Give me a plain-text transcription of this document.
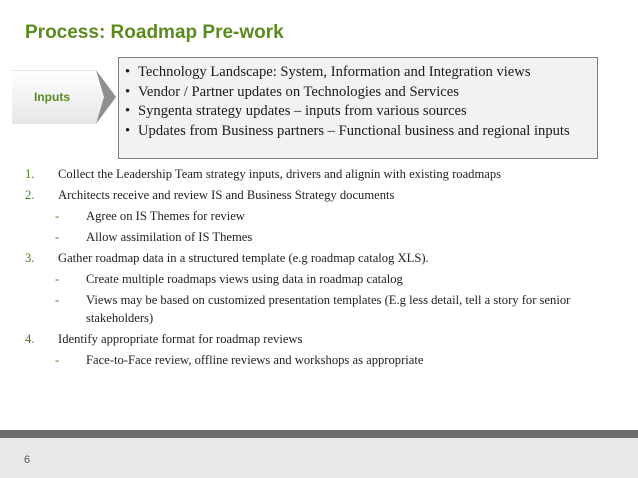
Process: Roadmap Pre-work
Inputs
• Technology Landscape: System, Information and Integration views
• Vendor / Partner updates on Technologies and Services
• Syngenta strategy updates – inputs from various sources
• Updates from Business partners – Functional business and regional inputs
1. Collect the Leadership Team strategy inputs, drivers and alignin with existing roadmaps
2. Architects receive and review IS and Business Strategy documents
- Agree on IS Themes for review
- Allow assimilation of IS Themes
3. Gather roadmap data in a structured template (e.g roadmap catalog XLS).
- Create multiple roadmaps views using data in roadmap catalog
- Views may be based on customized presentation templates (E.g less detail, tell a story for senior stakeholders)
4. Identify appropriate format for roadmap reviews
- Face-to-Face review, offline reviews and workshops as appropriate
6
